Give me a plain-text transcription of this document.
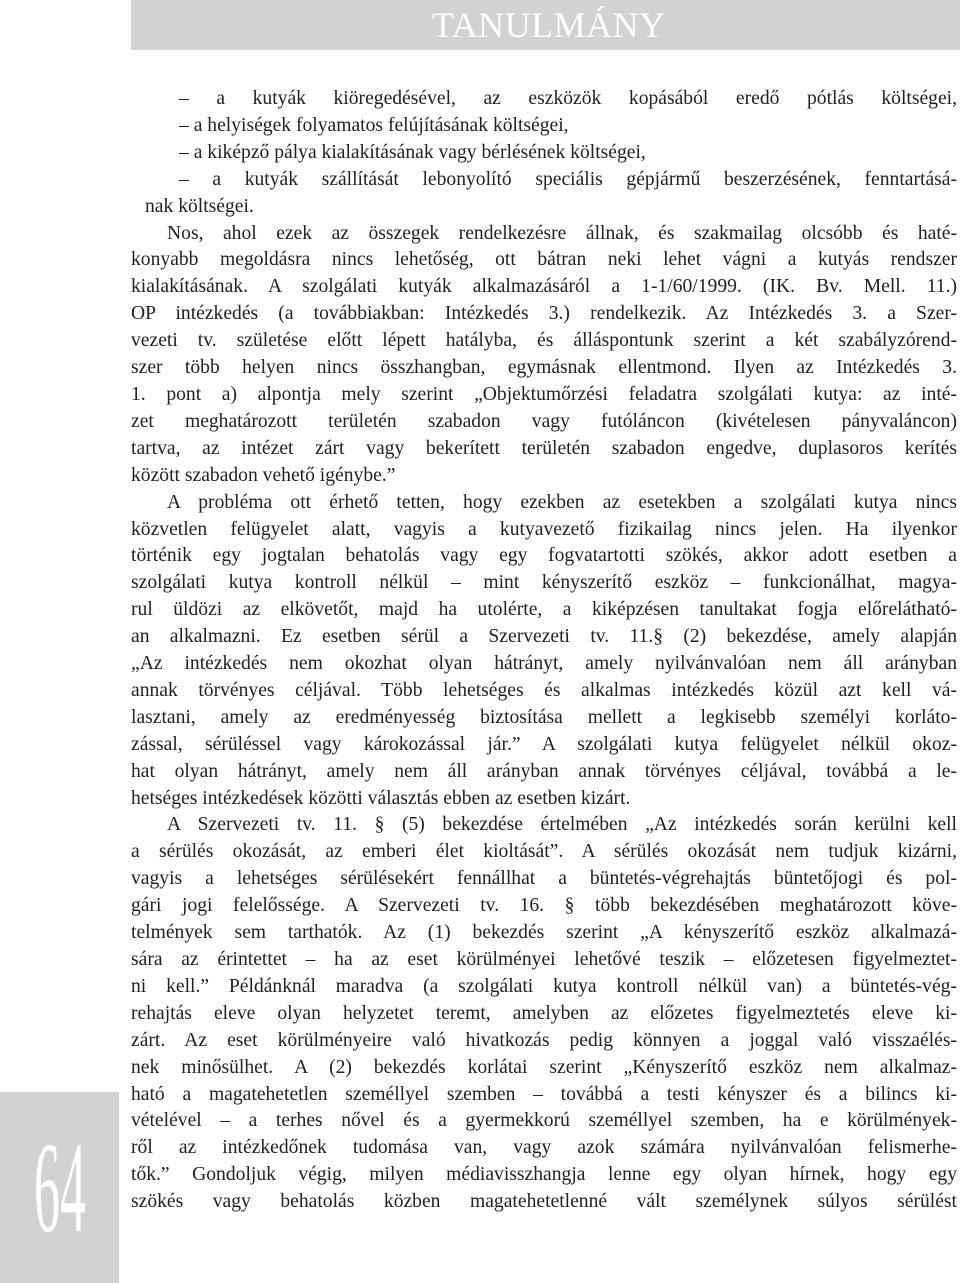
TANULMÁNY
– a kutyák kiöregedésével, az eszközök kopásából eredő pótlás költségei,
– a helyiségek folyamatos felújításának költségei,
– a kiképző pálya kialakításának vagy bérlésének költségei,
– a kutyák szállítását lebonyolító speciális gépjármű beszerzésének, fenntartásá-
nak költségei.
Nos, ahol ezek az összegek rendelkezésre állnak, és szakmailag olcsóbb és haté-
konyabb megoldásra nincs lehetőség, ott bátran neki lehet vágni a kutyás rendszer
kialakításának. A szolgálati kutyák alkalmazásáról a 1-1/60/1999. (IK. Bv. Mell. 11.)
OP intézkedés (a továbbiakban: Intézkedés 3.) rendelkezik. Az Intézkedés 3. a Szer-
vezeti tv. születése előtt lépett hatályba, és álláspontunk szerint a két szabályzórend-
szer több helyen nincs összhangban, egymásnak ellentmond. Ilyen az Intézkedés 3.
1. pont a) alpontja mely szerint „Objektumőrzési feladatra szolgálati kutya: az inté-
zet meghatározott területén szabadon vagy futóláncon (kivételesen pányvaláncon)
tartva, az intézet zárt vagy bekerített területén szabadon engedve, duplasoros kerítés
között szabadon vehető igénybe.”
A probléma ott érhető tetten, hogy ezekben az esetekben a szolgálati kutya nincs
közvetlen felügyelet alatt, vagyis a kutyavezető fizikailag nincs jelen. Ha ilyenkor
történik egy jogtalan behatolás vagy egy fogvatartotti szökés, akkor adott esetben a
szolgálati kutya kontroll nélkül – mint kényszerítő eszköz – funkcionálhat, magya-
rul üldözi az elkövetőt, majd ha utolérte, a kiképzésen tanultakat fogja előrelátható-
an alkalmazni. Ez esetben sérül a Szervezeti tv. 11.§ (2) bekezdése, amely alapján
„Az intézkedés nem okozhat olyan hátrányt, amely nyilvánvalóan nem áll arányban
annak törvényes céljával. Több lehetséges és alkalmas intézkedés közül azt kell vá-
lasztani, amely az eredményesség biztosítása mellett a legkisebb személyi korláto-
zással, sérüléssel vagy károkozással jár.” A szolgálati kutya felügyelet nélkül okoz-
hat olyan hátrányt, amely nem áll arányban annak törvényes céljával, továbbá a le-
hetséges intézkedések közötti választás ebben az esetben kizárt.
A Szervezeti tv. 11. § (5) bekezdése értelmében „Az intézkedés során kerülni kell
a sérülés okozását, az emberi élet kioltását”. A sérülés okozását nem tudjuk kizárni,
vagyis a lehetséges sérülésekért fennállhat a büntetés-végrehajtás büntetőjogi és pol-
gári jogi felelőssége. A Szervezeti tv. 16. § több bekezdésében meghatározott köve-
telmények sem tarthatók. Az (1) bekezdés szerint „A kényszerítő eszköz alkalmazá-
sára az érintettet – ha az eset körülményei lehetővé teszik – előzetesen figyelmeztet-
ni kell.” Példánknál maradva (a szolgálati kutya kontroll nélkül van) a büntetés-vég-
rehajtás eleve olyan helyzetet teremt, amelyben az előzetes figyelmeztetés eleve ki-
zárt. Az eset körülményeire való hivatkozás pedig könnyen a joggal való visszaélés-
nek minősülhet. A (2) bekezdés korlátai szerint „Kényszerítő eszköz nem alkalmaz-
ható a magatehetetlen személlyel szemben – továbbá a testi kényszer és a bilincs ki-
vételével – a terhes nővel és a gyermekkorú személlyel szemben, ha e körülmények-
ről az intézkedőnek tudomása van, vagy azok számára nyilvánvalóan felismerhe-
tők.” Gondoljuk végig, milyen médiavisszhangja lenne egy olyan hírnek, hogy egy
szökés vagy behatolás közben magatehetetlenné vált személynek súlyos sérülést
64
